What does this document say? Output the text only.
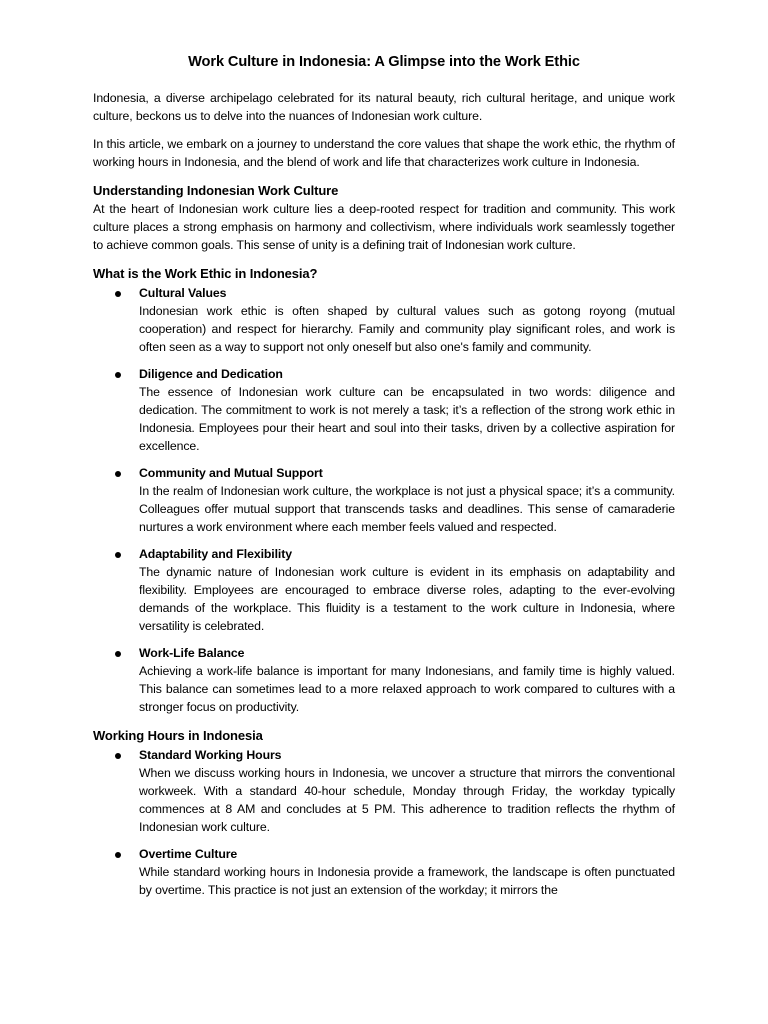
Work Culture in Indonesia: A Glimpse into the Work Ethic

Indonesia, a diverse archipelago celebrated for its natural beauty, rich cultural heritage, and unique work culture, beckons us to delve into the nuances of Indonesian work culture.

In this article, we embark on a journey to understand the core values that shape the work ethic, the rhythm of working hours in Indonesia, and the blend of work and life that characterizes work culture in Indonesia.

Understanding Indonesian Work Culture

At the heart of Indonesian work culture lies a deep-rooted respect for tradition and community. This work culture places a strong emphasis on harmony and collectivism, where individuals work seamlessly together to achieve common goals. This sense of unity is a defining trait of Indonesian work culture.

What is the Work Ethic in Indonesia?
Cultural Values
Indonesian work ethic is often shaped by cultural values such as gotong royong (mutual cooperation) and respect for hierarchy. Family and community play significant roles, and work is often seen as a way to support not only oneself but also one's family and community.
Diligence and Dedication
The essence of Indonesian work culture can be encapsulated in two words: diligence and dedication. The commitment to work is not merely a task; it’s a reflection of the strong work ethic in Indonesia. Employees pour their heart and soul into their tasks, driven by a collective aspiration for excellence.
Community and Mutual Support
In the realm of Indonesian work culture, the workplace is not just a physical space; it’s a community. Colleagues offer mutual support that transcends tasks and deadlines. This sense of camaraderie nurtures a work environment where each member feels valued and respected.
Adaptability and Flexibility
The dynamic nature of Indonesian work culture is evident in its emphasis on adaptability and flexibility. Employees are encouraged to embrace diverse roles, adapting to the ever-evolving demands of the workplace. This fluidity is a testament to the work culture in Indonesia, where versatility is celebrated.
Work-Life Balance
Achieving a work-life balance is important for many Indonesians, and family time is highly valued. This balance can sometimes lead to a more relaxed approach to work compared to cultures with a stronger focus on productivity.
Working Hours in Indonesia
Standard Working Hours
When we discuss working hours in Indonesia, we uncover a structure that mirrors the conventional workweek. With a standard 40-hour schedule, Monday through Friday, the workday typically commences at 8 AM and concludes at 5 PM. This adherence to tradition reflects the rhythm of Indonesian work culture.
Overtime Culture
While standard working hours in Indonesia provide a framework, the landscape is often punctuated by overtime. This practice is not just an extension of the workday; it mirrors the
